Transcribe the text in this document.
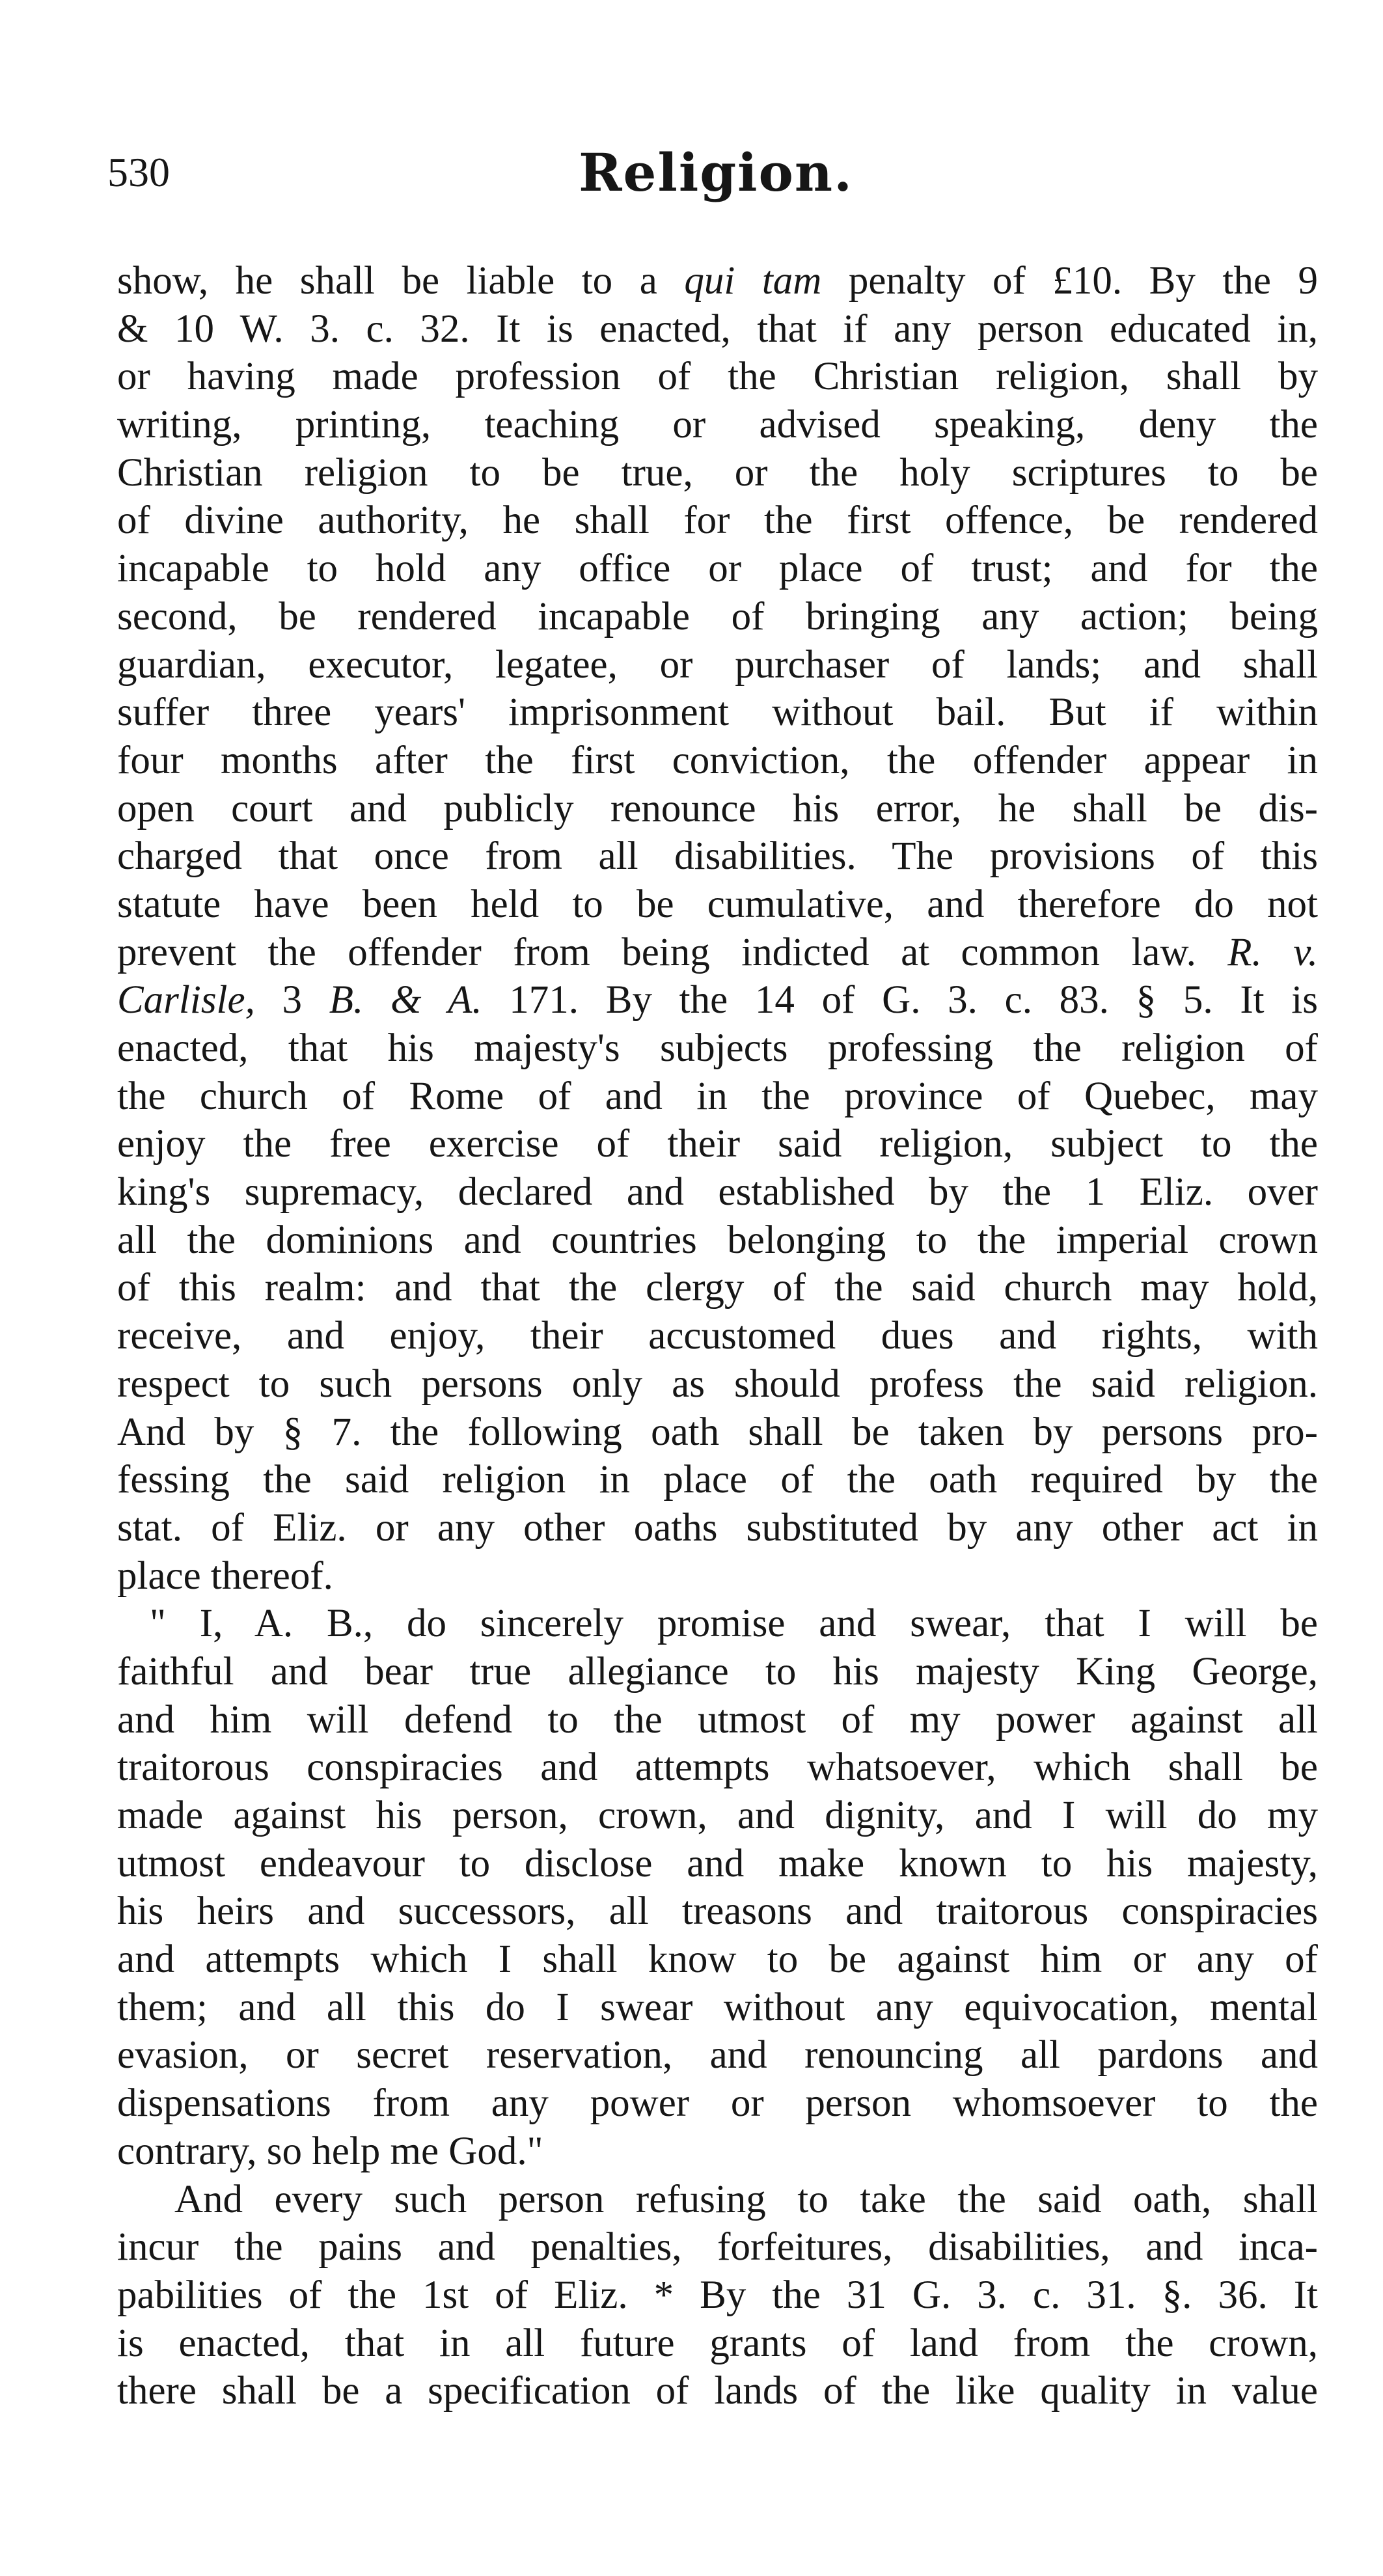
530	Religion.
show, he shall be liable to a qui tam penalty of £10. By the 9
& 10 W. 3. c. 32. It is enacted, that if any person educated in,
or having made profession of the Christian religion, shall by
writing, printing, teaching or advised speaking, deny the
Christian religion to be true, or the holy scriptures to be
of divine authority, he shall for the first offence, be rendered
incapable to hold any office or place of trust; and for the
second, be rendered incapable of bringing any action; being
guardian, executor, legatee, or purchaser of lands; and shall
suffer three years' imprisonment without bail. But if within
four months after the first conviction, the offender appear in
open court and publicly renounce his error, he shall be dis-
charged that once from all disabilities. The provisions of this
statute have been held to be cumulative, and therefore do not
prevent the offender from being indicted at common law. R. v.
Carlisle, 3 B. & A. 171. By the 14 of G. 3. c. 83. § 5. It is
enacted, that his majesty's subjects professing the religion of
the church of Rome of and in the province of Quebec, may
enjoy the free exercise of their said religion, subject to the
king's supremacy, declared and established by the 1 Eliz. over
all the dominions and countries belonging to the imperial crown
of this realm: and that the clergy of the said church may hold,
receive, and enjoy, their accustomed dues and rights, with
respect to such persons only as should profess the said religion.
And by § 7. the following oath shall be taken by persons pro-
fessing the said religion in place of the oath required by the
stat. of Eliz. or any other oaths substituted by any other act in
place thereof.
" I, A. B., do sincerely promise and swear, that I will be
faithful and bear true allegiance to his majesty King George,
and him will defend to the utmost of my power against all
traitorous conspiracies and attempts whatsoever, which shall be
made against his person, crown, and dignity, and I will do my
utmost endeavour to disclose and make known to his majesty,
his heirs and successors, all treasons and traitorous conspiracies
and attempts which I shall know to be against him or any of
them; and all this do I swear without any equivocation, mental
evasion, or secret reservation, and renouncing all pardons and
dispensations from any power or person whomsoever to the
contrary, so help me God."
And every such person refusing to take the said oath, shall
incur the pains and penalties, forfeitures, disabilities, and inca-
pabilities of the 1st of Eliz. * By the 31 G. 3. c. 31. §. 36. It
is enacted, that in all future grants of land from the crown,
there shall be a specification of lands of the like quality in value
